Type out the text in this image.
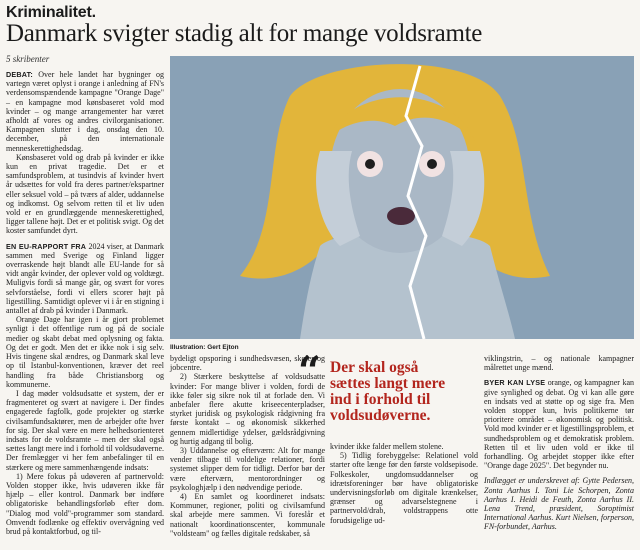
Kriminalitet.
Danmark svigter stadig alt for mange voldsramte
5 skribenter

DEBAT: Over hele landet har bygninger og vartegn været oplyst i orange i anledning af FN's verdensomspændende kampagne "Orange Dage" – en kampagne mod kønsbaseret vold mod kvinder – og mange arrangementer har været afholdt af vores og andres civilorganisationer. Kampagnen slutter i dag, onsdag den 10. december, på den internationale menneskerettighedsdag.

Kønsbaseret vold og drab på kvinder er ikke kun en privat tragedie. Det er et samfundsproblem, at tusindvis af kvinder hvert år udsættes for vold fra deres partner/ekspartner eller seksuel vold – på tværs af alder, uddannelse og indkomst. Og selvom retten til et liv uden vold er en grundlæggende menneskerettighed, ligger tallene højt. Det er et politisk svigt. Og det koster samfundet dyrt.

EN EU-RAPPORT FRA 2024 viser, at Danmark sammen med Sverige og Finland ligger overraskende højt blandt alle EU-lande for så vidt angår kvinder, der oplever vold og voldtægt. Muligvis fordi så mange går, og svært for vores selvforståelse, fordi vi ellers scorer højt på ligestilling. Samtidigt oplever vi i år en stigning i antallet af drab på kvinder i Danmark.

Orange Dage har igen i år gjort problemet synligt i det offentlige rum og på de sociale medier og skabt debat med oplysning og fakta. Og det er godt. Men det er ikke nok i sig selv. Hvis tingene skal ændres, og Danmark skal leve op til Istanbul-konventionen, kræver det reel handling fra både Christiansborg og kommunerne.

I dag møder voldsudsatte et system, der er fragmenteret og svært at navigere i. Der findes engagerede fagfolk, gode projekter og stærke civilsamfundsaktører, men de arbejder ofte hver for sig. Der skal være en mere helhedsorienteret indsats for de voldsramte – men der skal også sættes langt mere ind i forhold til voldsudøverne. Der fremlægger vi her fem anbefalinger til en stærkere og mere sammenhængende indsats:

1) Mere fokus på udøveren af partnervold: Volden stopper ikke, hvis udøveren ikke får hjælp – eller kontrol. Danmark bør indføre obligatoriske behandlingsforløb efter dom. "Dialog mod vold"-programmer som standard. Omvendt fodlænke og effektiv overvågning ved brud på kontaktforbud, og til-

Illustration: Gert Ejton

bydeligt opsporing i sundhedsvæsen, skoler og jobcentre.

2) Stærkere beskyttelse af voldsudsatte kvinder: For mange bliver i volden, fordi de ikke føler sig sikre nok til at forlade den. Vi anbefaler flere akutte kriseecenterpladser, styrket juridisk og psykologisk rådgivning fra første kontakt – og økonomisk sikkerhed gennem midlertidige ydelser, gældsrådgivning og hurtig adgang til bolig.

3) Uddannelse og efterværn: Alt for mange vender tilbage til voldelige relationer, fordi systemet slipper dem for tidligt. Derfor bør der være efterværn, mentorordninger og psykologhjælp i den nødvendige periode.

4) En samlet og koordineret indsats: Kommuner, regioner, politi og civilsamfund skal arbejde mere sammen. Vi foreslår et nationalt koordinationscenter, kommunale "voldsteam" og fælles digitale redskaber, så

“ Der skal også sættes langt mere ind i forhold til voldsudøverne.

kvinder ikke falder mellem stolene.

5) Tidlig forebyggelse: Relationel vold starter ofte længe før den første voldsepisode. Folkeskoler, ungdomsuddannelser og idrætsforeninger bør have obligatoriske undervisningsforløb om digitale krænkelser, grænser og advarselstegnene i partnervold/drab, voldstrappens otte forudsigelige ud-

viklingstrin, – og nationale kampagner målrettet unge mænd.

BYER KAN LYSE orange, og kampagner kan give synlighed og debat. Og vi kan alle gøre en indsats ved at støtte op og sige fra. Men volden stopper kun, hvis politikerne tør prioritere området – økonomisk og politisk. Vold mod kvinder er et ligestillingsproblem, et sundhedsproblem og et demokratisk problem. Retten til et liv uden vold er ikke til forhandling. Og arbejdet stopper ikke efter "Orange dage 2025". Det begynder nu.

Indlægget er underskrevet af: Gytte Pedersen, Zonta Aarhus I. Toni Lie Schorpen, Zonta Aarhus I. Heidi de Feuth, Zonta Aarhus II. Lena Trend, præsident, Soroptimist International Aarhus. Kurt Nielsen, forperson, FN-forbundet, Aarhus.
